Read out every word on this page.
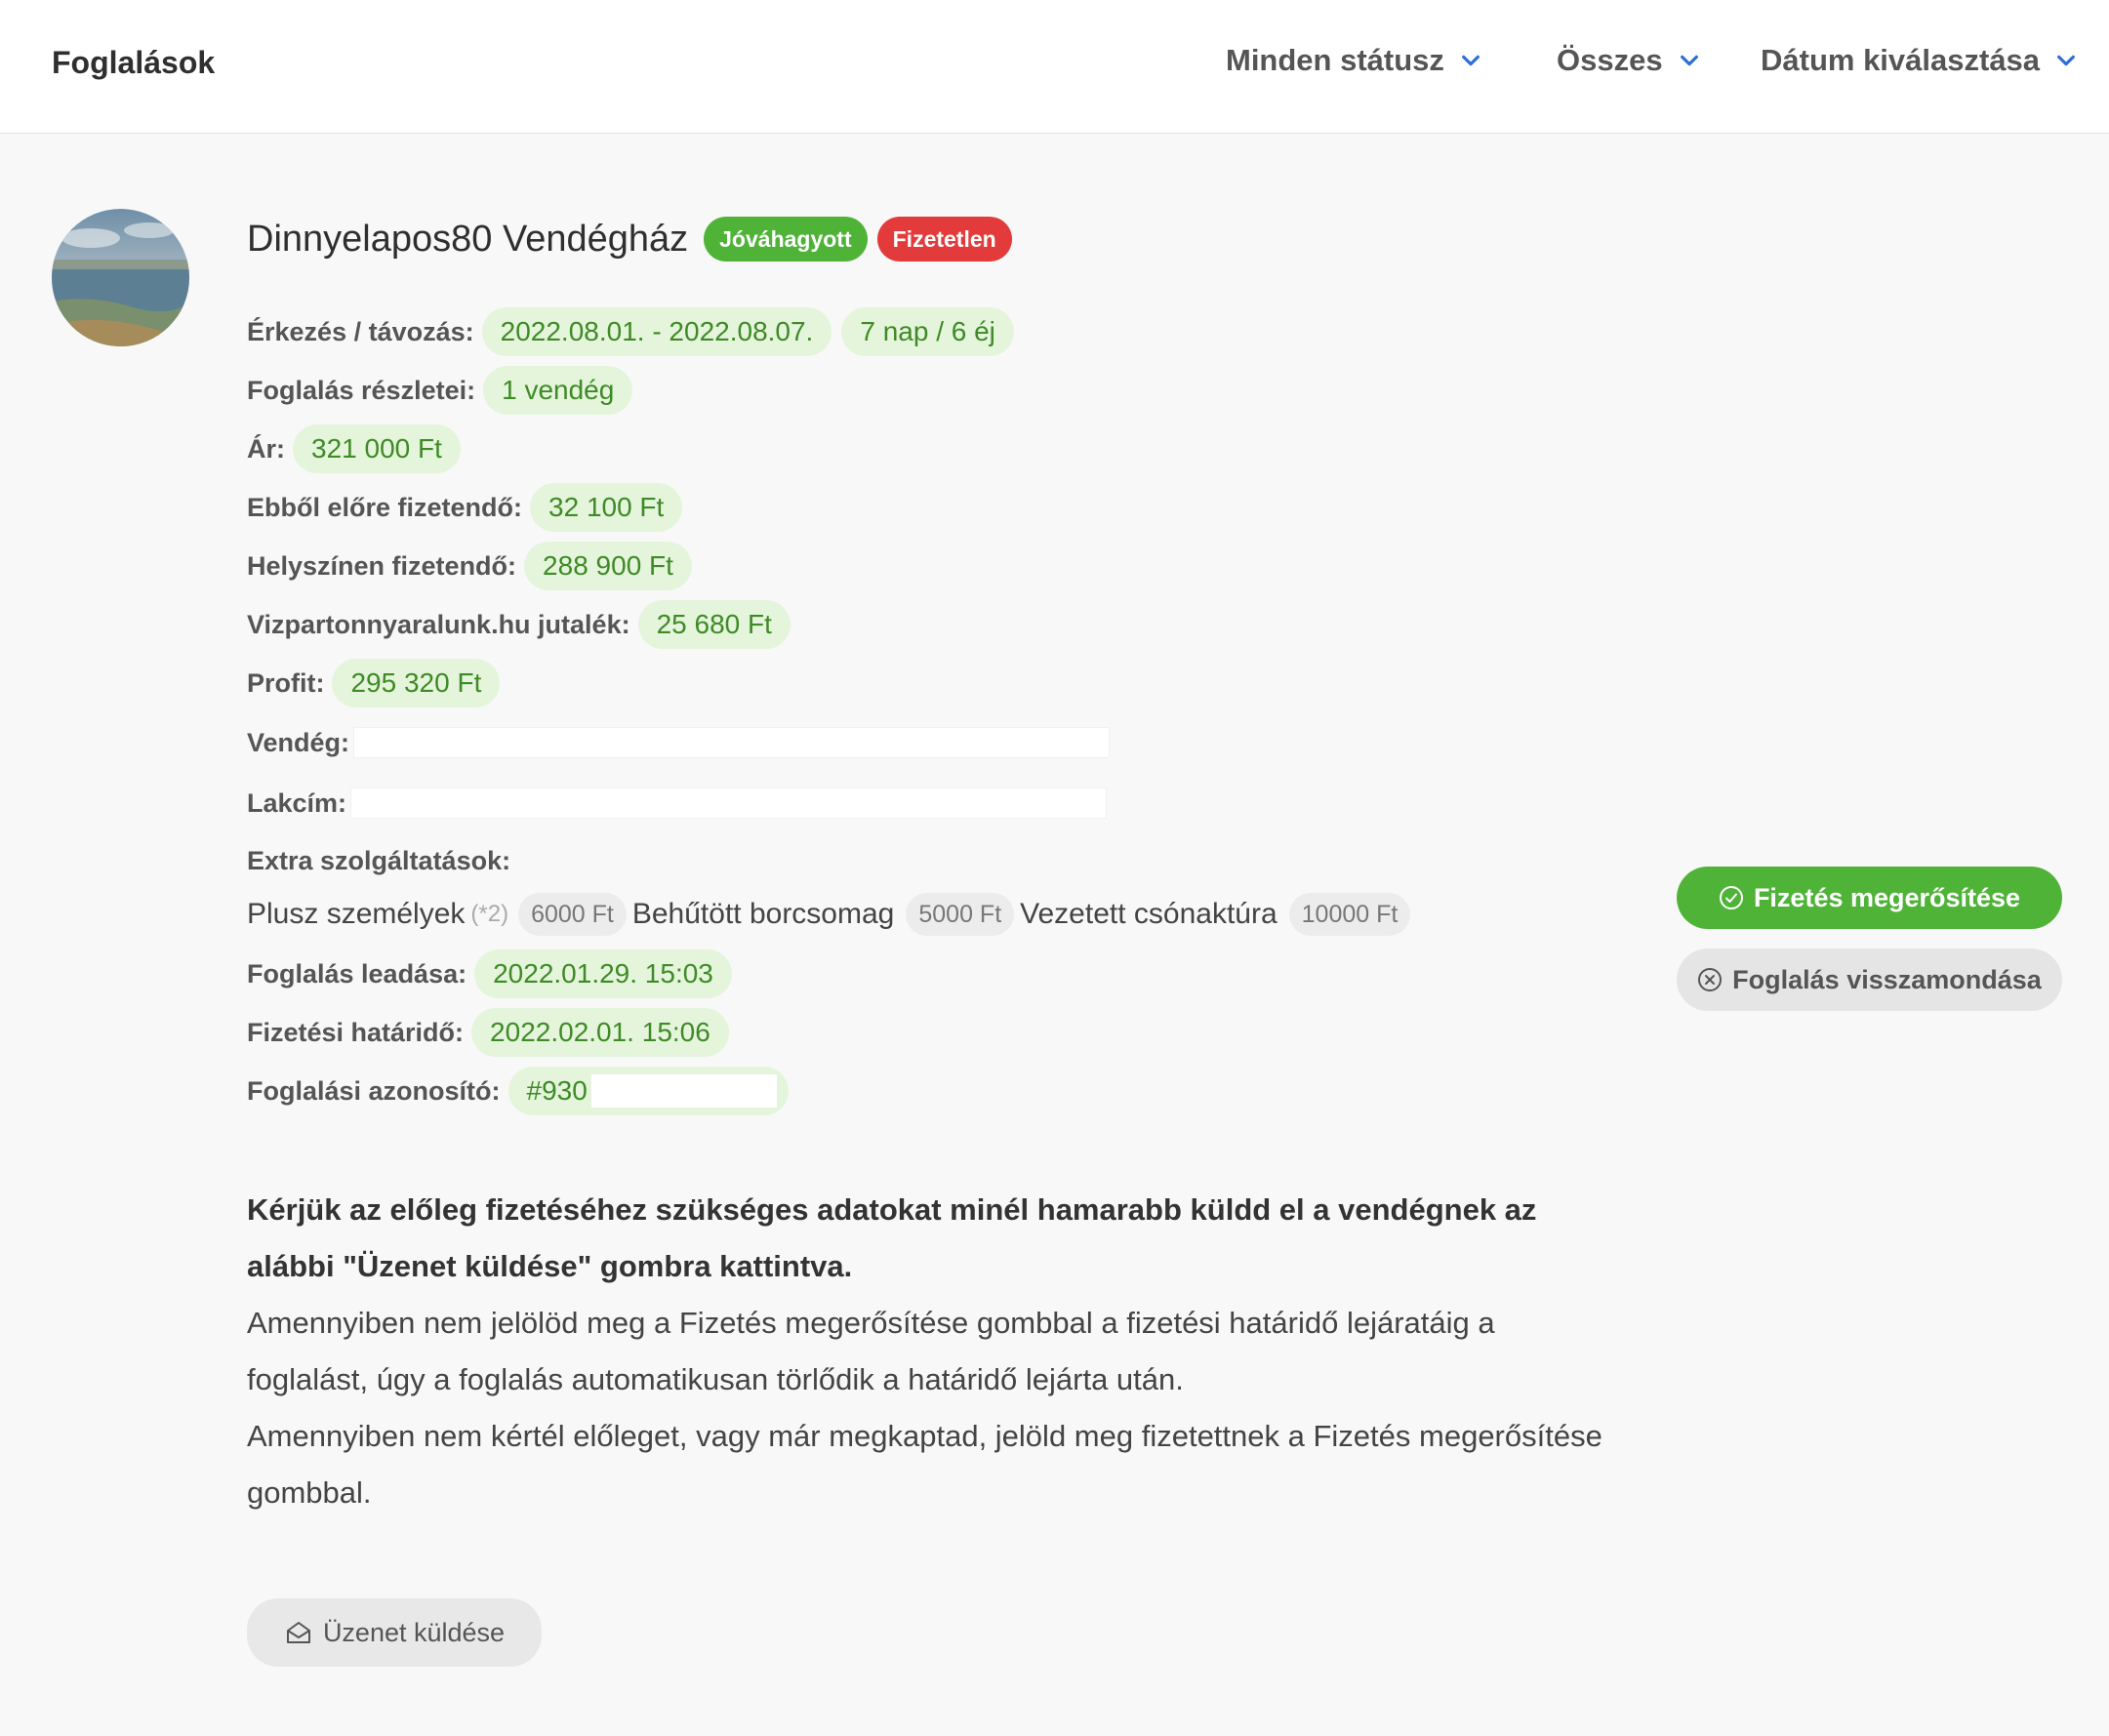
Foglalások	Minden státusz	Összes	Dátum kiválasztása
Dinnyelapos80 Vendégház	Jóváhagyott	Fizetetlen
Érkezés / távozás: 2022.08.01. - 2022.08.07.	7 nap / 6 éj
Foglalás részletei: 1 vendég
Ár: 321 000 Ft
Ebből előre fizetendő: 32 100 Ft
Helyszínen fizetendő: 288 900 Ft
Vizpartonnyaralunk.hu jutalék: 25 680 Ft
Profit: 295 320 Ft
Vendég:
Lakcím:
Extra szolgáltatások:
Plusz személyek (*2) 6000 Ft Behűtött borcsomag	5000 Ft Vezetett csónaktúra	10000 Ft
Foglalás leadása: 2022.01.29. 15:03
Fizetési határidő: 2022.02.01. 15:06
Foglalási azonosító: #930
Fizetés megerősítése
Foglalás visszamondása
Kérjük az előleg fizetéséhez szükséges adatokat minél hamarabb küldd el a vendégnek az alábbi "Üzenet küldése" gombra kattintva.
Amennyiben nem jelölöd meg a Fizetés megerősítése gombbal a fizetési határidő lejáratáig a foglalást, úgy a foglalás automatikusan törlődik a határidő lejárta után.
Amennyiben nem kértél előleget, vagy már megkaptad, jelöld meg fizetettnek a Fizetés megerősítése gombbal.
Üzenet küldése
